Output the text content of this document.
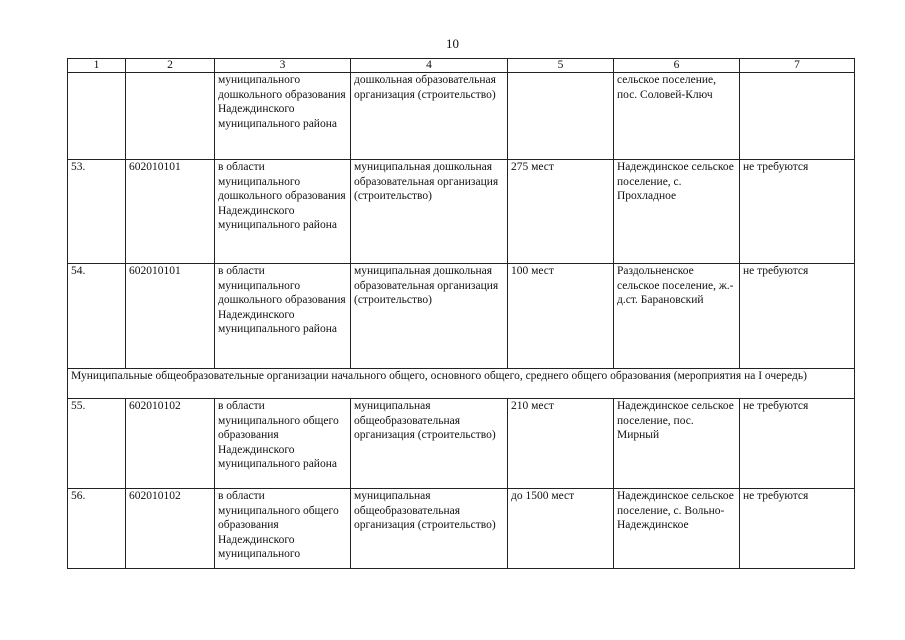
10
1	2	3	4	5	6	7
		муниципального дошкольного образования Надеждинского муниципального района	дошкольная образовательная организация (строительство)		сельское поселение, пос. Соловей-Ключ	
53.	602010101	в области муниципального дошкольного образования Надеждинского муниципального района	муниципальная дошкольная образовательная организация (строительство)	275 мест	Надеждинское сельское поселение, с. Прохладное	не требуются
54.	602010101	в области муниципального дошкольного образования Надеждинского муниципального района	муниципальная дошкольная образовательная организация (строительство)	100 мест	Раздольненское сельское поселение, ж.-д.ст. Барановский	не требуются
Муниципальные общеобразовательные организации начального общего, основного общего, среднего общего образования (мероприятия на I очередь)						
55.	602010102	в области муниципального общего образования Надеждинского муниципального района	муниципальная общеобразовательная организация (строительство)	210 мест	Надеждинское сельское поселение, пос. Мирный	не требуются
56.	602010102	в области муниципального общего образования Надеждинского муниципального	муниципальная общеобразовательная организация (строительство)	до 1500 мест	Надеждинское сельское поселение, с. Вольно-Надеждинское	не требуются
